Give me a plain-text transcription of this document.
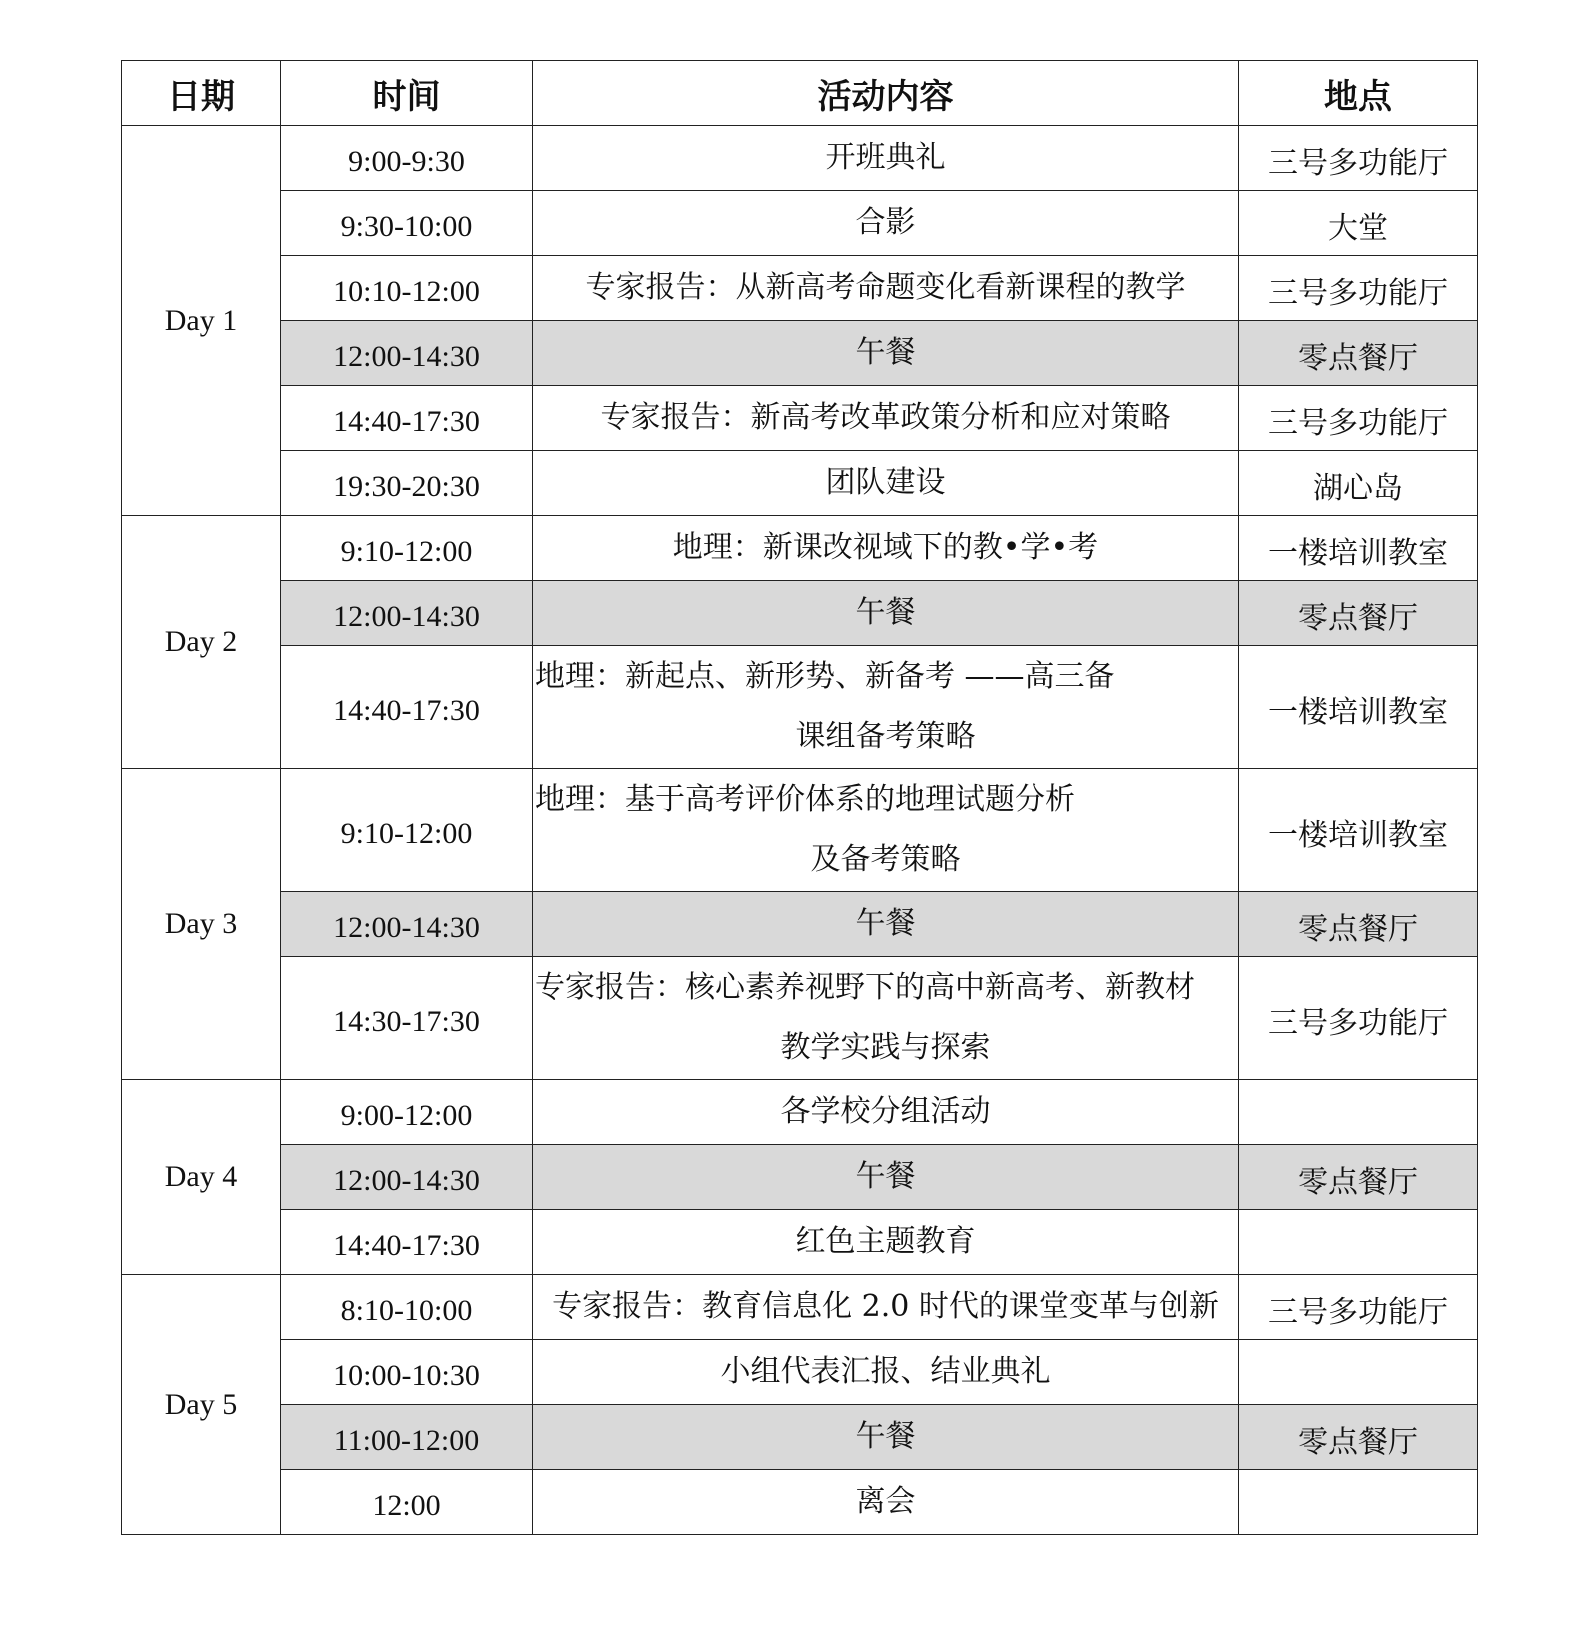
日期	时间	活动内容	地点
Day 1	9:00-9:30	开班典礼	三号多功能厅
	9:30-10:00	合影	大堂
	10:10-12:00	专家报告：从新高考命题变化看新课程的教学	三号多功能厅
	12:00-14:30	午餐	零点餐厅
	14:40-17:30	专家报告：新高考改革政策分析和应对策略	三号多功能厅
	19:30-20:30	团队建设	湖心岛
Day 2	9:10-12:00	地理：新课改视域下的教•学•考	一楼培训教室
	12:00-14:30	午餐	零点餐厅
	14:40-17:30	地理：新起点、新形势、新备考 ——高三备
课组备考策略	一楼培训教室
Day 3	9:10-12:00	地理：基于高考评价体系的地理试题分析
及备考策略	一楼培训教室
	12:00-14:30	午餐	零点餐厅
	14:30-17:30	专家报告：核心素养视野下的高中新高考、新教材
教学实践与探索	三号多功能厅
Day 4	9:00-12:00	各学校分组活动	

	12:00-14:30	午餐	零点餐厅
	14:40-17:30	红色主题教育	

Day 5	8:10-10:00	专家报告：教育信息化 2.0 时代的课堂变革与创新	三号多功能厅
	10:00-10:30	小组代表汇报、结业典礼	

	11:00-12:00	午餐	零点餐厅
	12:00	离会	
